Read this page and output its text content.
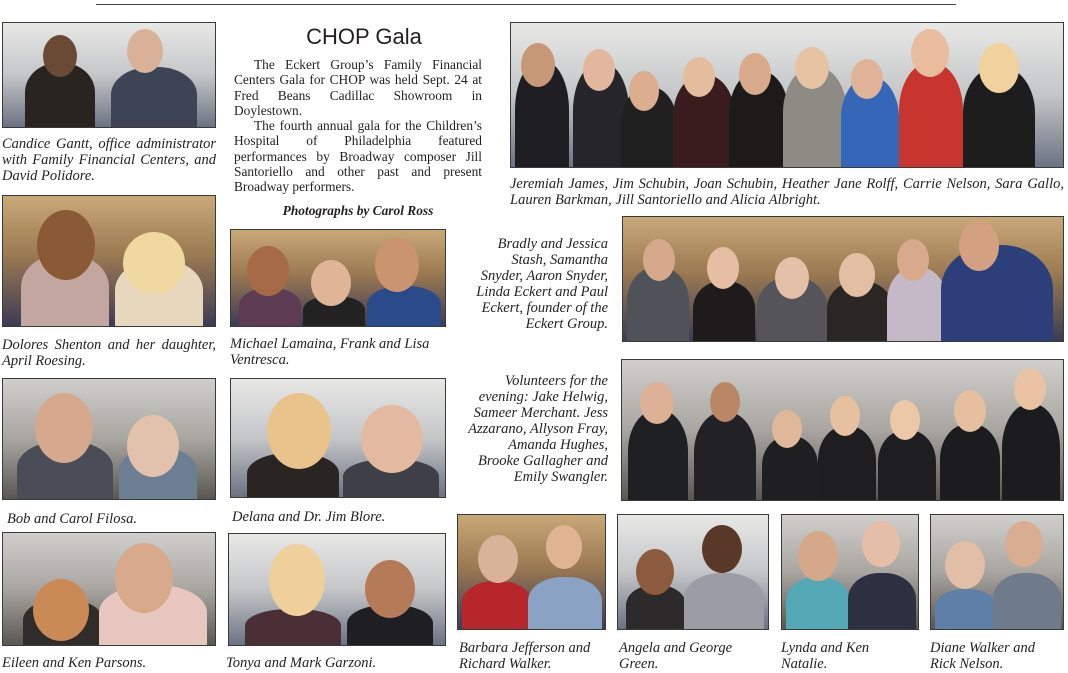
Candice Gantt, office administrator with Family Financial Centers, and David Polidore.

Dolores Shenton and her daughter, April Roesing.

Bob and Carol Filosa.

Eileen and Ken Parsons.

CHOP Gala

The Eckert Group’s Family Financial Centers Gala for CHOP was held Sept. 24 at Fred Beans Cadillac Showroom in Doylestown.

The fourth annual gala for the Children’s Hospital of Philadelphia featured performances by Broadway composer Jill Santoriello and other past and present Broadway performers.

Photographs by Carol Ross

Michael Lamaina, Frank and Lisa Ventresca.

Delana and Dr. Jim Blore.

Tonya and Mark Garzoni.

Jeremiah James, Jim Schubin, Joan Schubin, Heather Jane Rolff, Carrie Nelson, Sara Gallo, Lauren Barkman, Jill Santoriello and Alicia Albright.

Bradly and Jessica Stash, Samantha Snyder, Aaron Snyder, Linda Eckert and Paul Eckert, founder of the Eckert Group.

Volunteers for the evening: Jake Helwig, Sameer Merchant. Jess Azzarano, Allyson Fray, Amanda Hughes, Brooke Gallagher and Emily Swangler.

Barbara Jefferson and Richard Walker.

Angela and George Green.

Lynda and Ken Natalie.

Diane Walker and Rick Nelson.
